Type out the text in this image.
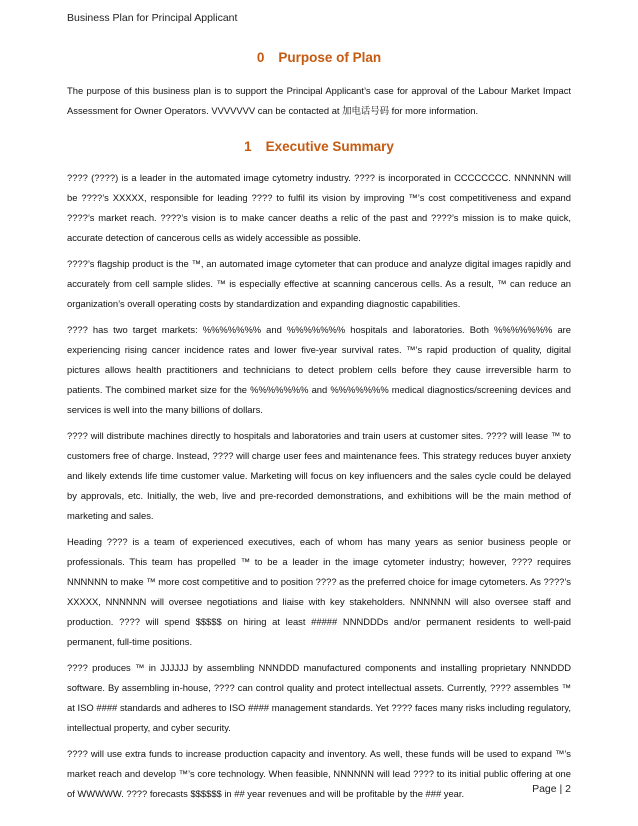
Business Plan for Principal Applicant
0 Purpose of Plan

The purpose of this business plan is to support the Principal Applicant’s case for approval of the Labour Market Impact Assessment for Owner Operators. VVVVVVV can be contacted at 加电话号码 for more information.

1 Executive Summary

???? (????) is a leader in the automated image cytometry industry. ???? is incorporated in CCCCCCCC. NNNNNN will be ????’s XXXXX, responsible for leading ???? to fulfil its vision by improving ™’s cost competitiveness and expand ????’s market reach. ????’s vision is to make cancer deaths a relic of the past and ????’s mission is to make quick, accurate detection of cancerous cells as widely accessible as possible.

????’s flagship product is the ™, an automated image cytometer that can produce and analyze digital images rapidly and accurately from cell sample slides. ™ is especially effective at scanning cancerous cells. As a result, ™ can reduce an organization’s overall operating costs by standardization and expanding diagnostic capabilities.

???? has two target markets: %%%%%%% and %%%%%%% hospitals and laboratories. Both %%%%%%% are experiencing rising cancer incidence rates and lower five-year survival rates. ™’s rapid production of quality, digital pictures allows health practitioners and technicians to detect problem cells before they cause irreversible harm to patients. The combined market size for the %%%%%%% and %%%%%%% medical diagnostics/screening devices and services is well into the many billions of dollars.

???? will distribute machines directly to hospitals and laboratories and train users at customer sites. ???? will lease ™ to customers free of charge. Instead, ???? will charge user fees and maintenance fees. This strategy reduces buyer anxiety and likely extends life time customer value. Marketing will focus on key influencers and the sales cycle could be delayed by approvals, etc. Initially, the web, live and pre-recorded demonstrations, and exhibitions will be the main method of marketing and sales.

Heading ???? is a team of experienced executives, each of whom has many years as senior business people or professionals. This team has propelled ™ to be a leader in the image cytometer industry; however, ???? requires NNNNNN to make ™ more cost competitive and to position ???? as the preferred choice for image cytometers. As ????’s XXXXX, NNNNNN will oversee negotiations and liaise with key stakeholders. NNNNNN will also oversee staff and production. ???? will spend $$$$$ on hiring at least ##### NNNDDDs and/or permanent residents to well-paid permanent, full-time positions.

???? produces ™ in JJJJJJ by assembling NNNDDD manufactured components and installing proprietary NNNDDD software. By assembling in-house, ???? can control quality and protect intellectual assets. Currently, ???? assembles ™ at ISO #### standards and adheres to ISO #### management standards. Yet ???? faces many risks including regulatory, intellectual property, and cyber security.

???? will use extra funds to increase production capacity and inventory. As well, these funds will be used to expand ™’s market reach and develop ™’s core technology. When feasible, NNNNNN will lead ???? to its initial public offering at one of WWWWW. ???? forecasts $$$$$$ in ## year revenues and will be profitable by the ### year.	Page | 2
